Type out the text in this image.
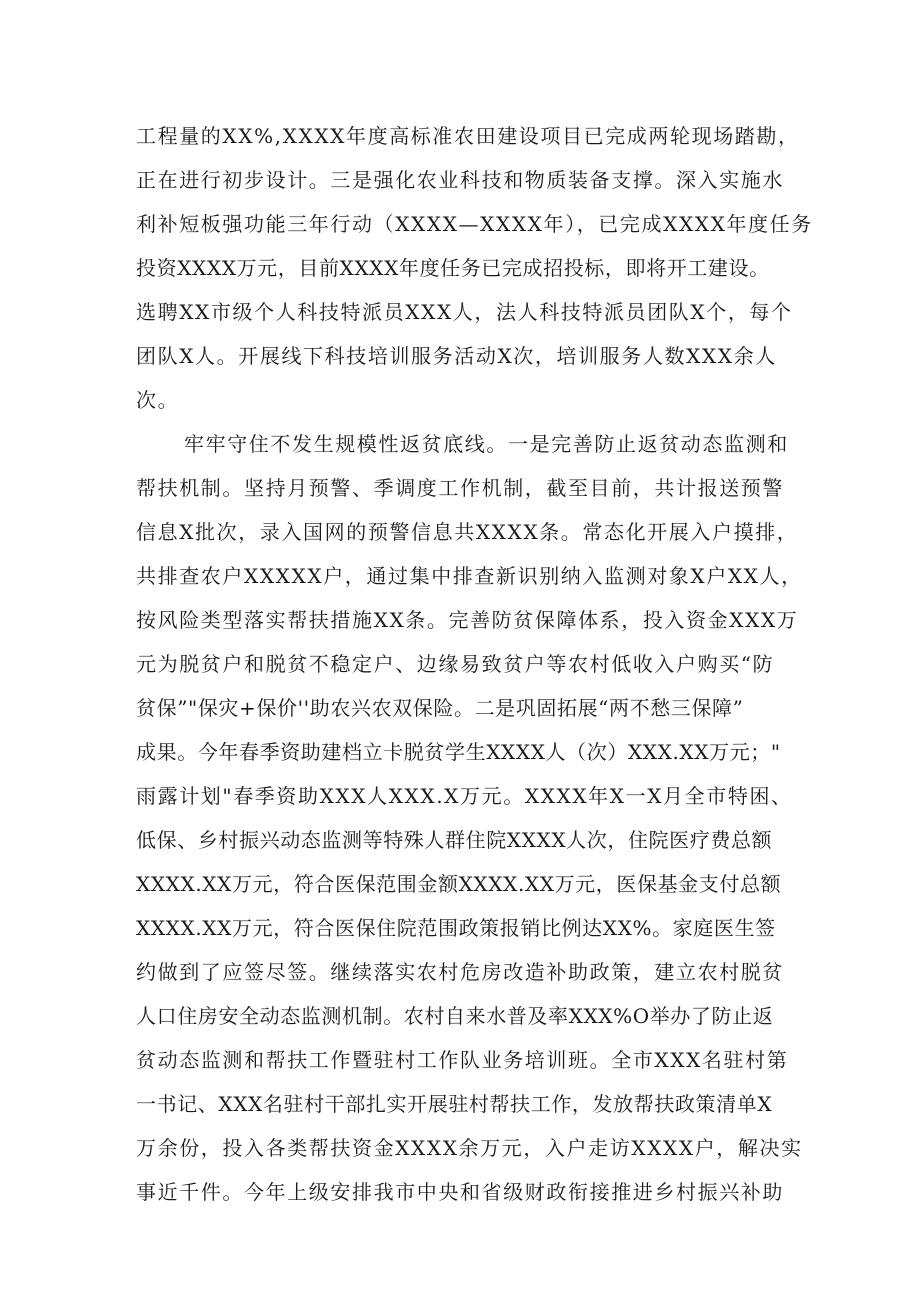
工程量的XX%,XXXX年度高标准农田建设项目已完成两轮现场踏勘，

正在进行初步设计。三是强化农业科技和物质装备支撑。深入实施水

利补短板强功能三年行动（XXXX—XXXX年），已完成XXXX年度任务

投资XXXX万元，目前XXXX年度任务已完成招投标，即将开工建设。

选聘XX市级个人科技特派员XXX人，法人科技特派员团队X个，每个

团队X人。开展线下科技培训服务活动X次，培训服务人数XXX余人

次。

牢牢守住不发生规模性返贫底线。一是完善防止返贫动态监测和

帮扶机制。坚持月预警、季调度工作机制，截至目前，共计报送预警

信息X批次，录入国网的预警信息共XXXX条。常态化开展入户摸排，

共排查农户XXXXX户，通过集中排查新识别纳入监测对象X户XX人，

按风险类型落实帮扶措施XX条。完善防贫保障体系，投入资金XXX万

元为脱贫户和脱贫不稳定户、边缘易致贫户等农村低收入户购买“防

贫保”"保灾+保价''助农兴农双保险。二是巩固拓展“两不愁三保障”

成果。今年春季资助建档立卡脱贫学生XXXX人（次）XXX.XX万元；"

雨露计划"春季资助XXX人XXX.X万元。XXXX年X一X月全市特困、

低保、乡村振兴动态监测等特殊人群住院XXXX人次，住院医疗费总额

XXXX.XX万元，符合医保范围金额XXXX.XX万元，医保基金支付总额

XXXX.XX万元，符合医保住院范围政策报销比例达XX%。家庭医生签

约做到了应签尽签。继续落实农村危房改造补助政策，建立农村脱贫

人口住房安全动态监测机制。农村自来水普及率XXX%O举办了防止返

贫动态监测和帮扶工作暨驻村工作队业务培训班。全市XXX名驻村第

一书记、XXX名驻村干部扎实开展驻村帮扶工作，发放帮扶政策清单X

万余份，投入各类帮扶资金XXXX余万元，入户走访XXXX户，解决实

事近千件。今年上级安排我市中央和省级财政衔接推进乡村振兴补助
